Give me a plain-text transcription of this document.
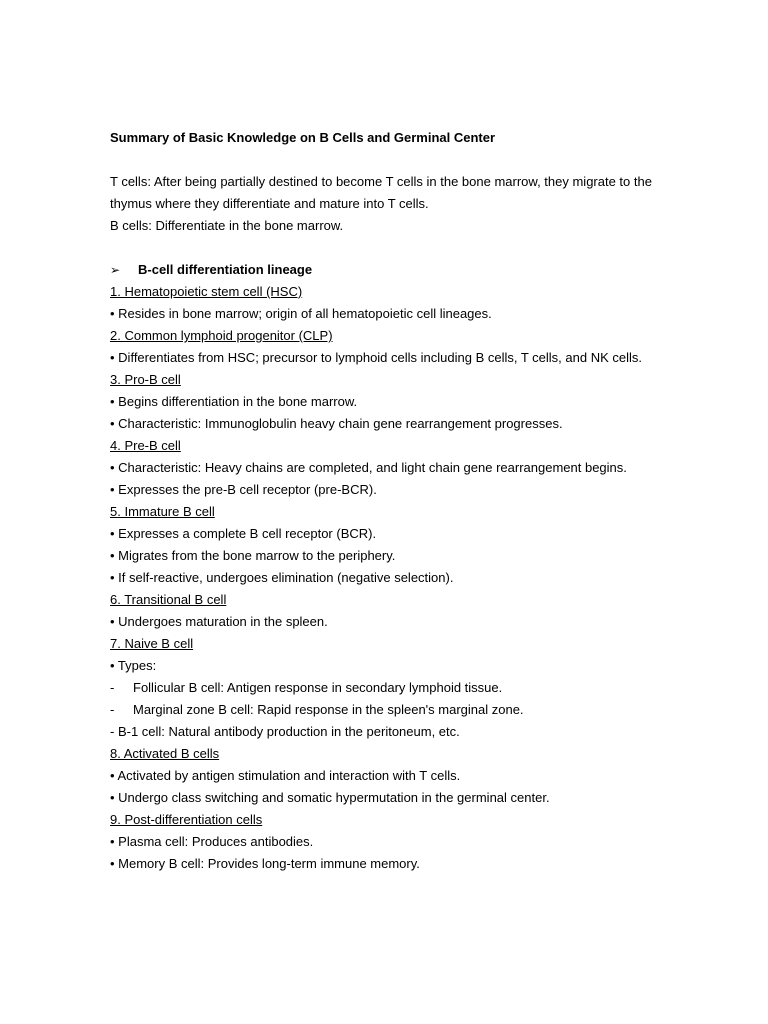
Summary of Basic Knowledge on B Cells and Germinal Center

T cells: After being partially destined to become T cells in the bone marrow, they migrate to the thymus where they differentiate and mature into T cells.

B cells: Differentiate in the bone marrow.

➢	B-cell differentiation lineage

1. Hematopoietic stem cell (HSC)

• Resides in bone marrow; origin of all hematopoietic cell lineages.

2. Common lymphoid progenitor (CLP)

• Differentiates from HSC; precursor to lymphoid cells including B cells, T cells, and NK cells.

3. Pro-B cell

• Begins differentiation in the bone marrow.

• Characteristic: Immunoglobulin heavy chain gene rearrangement progresses.

4. Pre-B cell

• Characteristic: Heavy chains are completed, and light chain gene rearrangement begins.

• Expresses the pre-B cell receptor (pre-BCR).

5. Immature B cell

• Expresses a complete B cell receptor (BCR).

• Migrates from the bone marrow to the periphery.

• If self-reactive, undergoes elimination (negative selection).

6. Transitional B cell

• Undergoes maturation in the spleen.

7. Naive B cell

• Types:

-	Follicular B cell: Antigen response in secondary lymphoid tissue.
-	Marginal zone B cell: Rapid response in the spleen's marginal zone.

- B-1 cell: Natural antibody production in the peritoneum, etc.

8. Activated B cells

• Activated by antigen stimulation and interaction with T cells.

• Undergo class switching and somatic hypermutation in the germinal center.

9. Post-differentiation cells

• Plasma cell: Produces antibodies.

• Memory B cell: Provides long-term immune memory.
